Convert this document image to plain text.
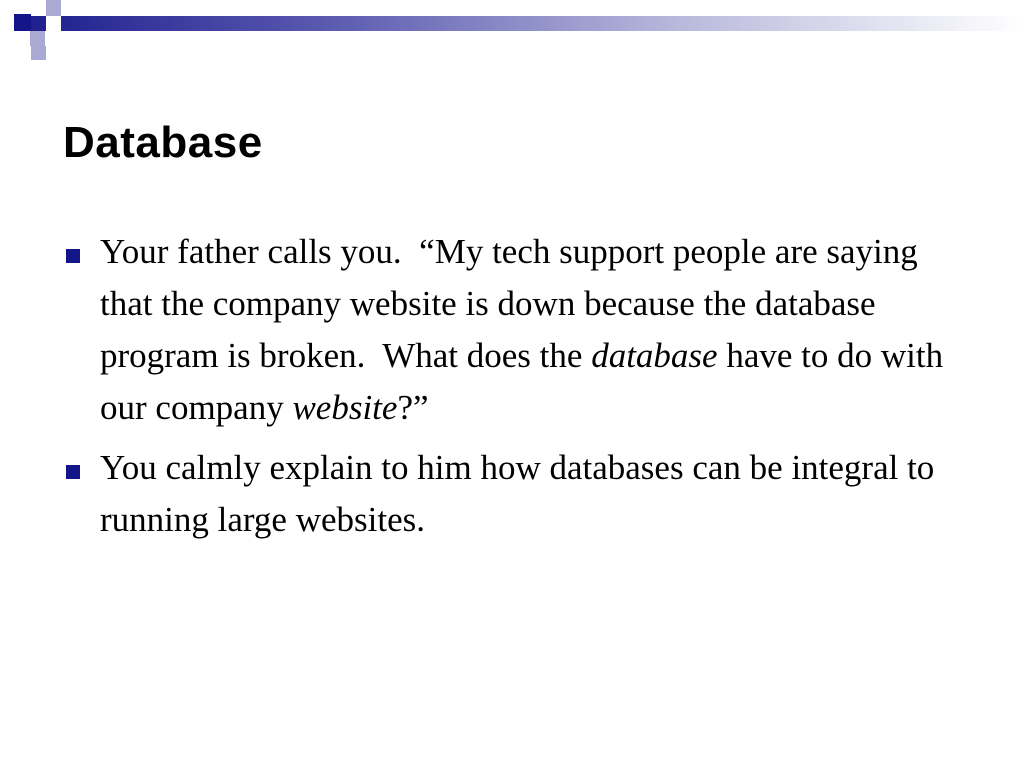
Database
Your father calls you.  “My tech support people are saying that the company website is down because the database program is broken.  What does the database have to do with our company website?”
You calmly explain to him how databases can be integral to running large websites.
